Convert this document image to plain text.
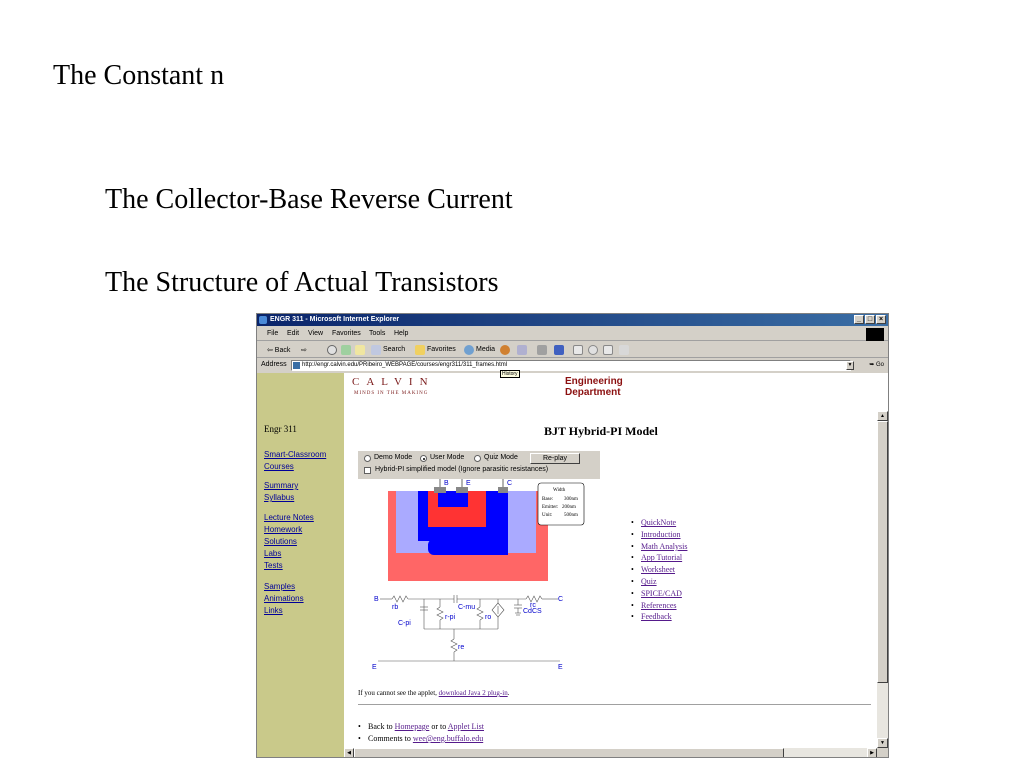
The Constant n
The Collector-Base Reverse Current
The Structure of Actual Transistors
ENGR 311 - Microsoft Internet Explorer	_ □ ×
File Edit View Favorites Tools Help
⇦ Back ⇨	Search	Favorites	Media
Address	http://engr.calvin.edu/PRibeiro_WEBPAGE/courses/engr311/311_frames.html	▼	➥ Go
History
Engr 311
Smart-Classroom
Courses
Summary
Syllabus
Lecture Notes
Homework
Solutions
Labs
Tests
Samples
Animations
Links
CALVIN
MINDS IN THE MAKING
Engineering
Department
BJT Hybrid-PI Model
Demo Mode	User Mode	Quiz Mode	Re-play
Hybrid-PI simplified model (Ignore parasitic resistances)
B E	C
Width
Base: 300nm
Emitter: 200nm
Unit: 500nm
B
rb	C-mu	rc
C
CdCS
C-pi
r-pi	ro
re
E	E
• QuickNote
• Introduction
• Math Analysis
• App Tutorial
• Worksheet
• Quiz
• SPICE/CAD
• References
• Feedback
If you cannot see the applet, download Java 2 plug-in.
• Back to Homepage or to Applet List
• Comments to wee@eng.buffalo.edu
▲
▼
◀	▶
